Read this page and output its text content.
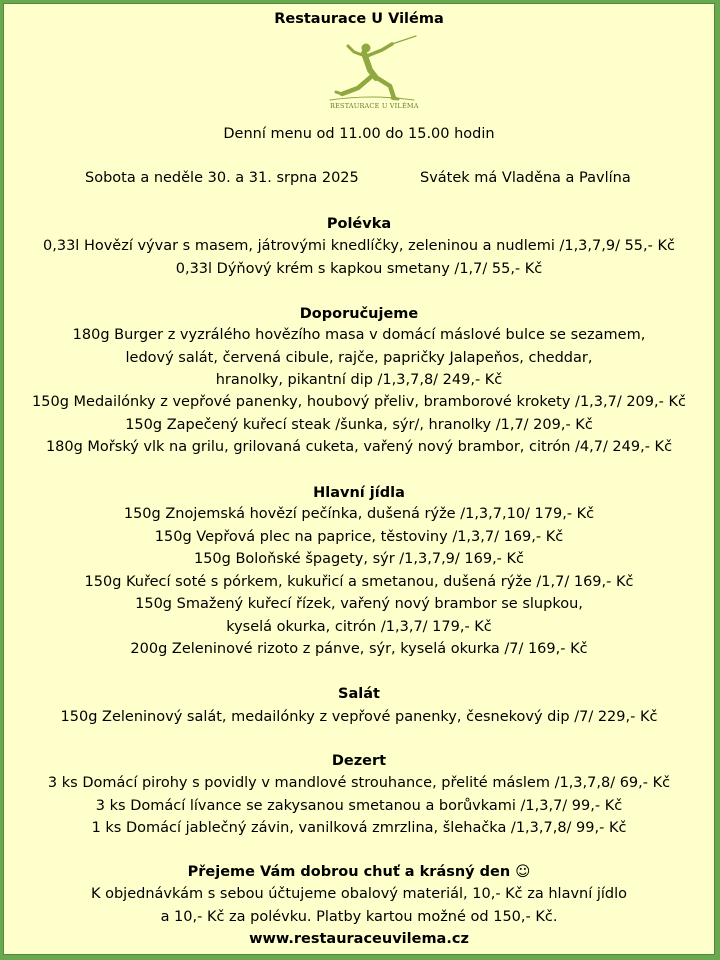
Restaurace U Viléma
RESTAURACE U VILÉMA
Denní menu od 11.00 do 15.00 hodin
Sobota a neděle 30. a 31. srpna 2025	Svátek má Vladěna a Pavlína
Polévka
0,33l Hovězí vývar s masem, játrovými knedlíčky, zeleninou a nudlemi /1,3,7,9/ 55,- Kč
0,33l Dýňový krém s kapkou smetany /1,7/ 55,- Kč
Doporučujeme
180g Burger z vyzrálého hovězího masa v domácí máslové bulce se sezamem,
ledový salát, červená cibule, rajče, papričky Jalapeňos, cheddar,
hranolky, pikantní dip /1,3,7,8/ 249,- Kč
150g Medailónky z vepřové panenky, houbový přeliv, bramborové krokety /1,3,7/ 209,- Kč
150g Zapečený kuřecí steak /šunka, sýr/, hranolky /1,7/ 209,- Kč
180g Mořský vlk na grilu, grilovaná cuketa, vařený nový brambor, citrón /4,7/ 249,- Kč
Hlavní jídla
150g Znojemská hovězí pečínka, dušená rýže /1,3,7,10/ 179,- Kč
150g Vepřová plec na paprice, těstoviny /1,3,7/ 169,- Kč
150g Boloňské špagety, sýr /1,3,7,9/ 169,- Kč
150g Kuřecí soté s pórkem, kukuřicí a smetanou, dušená rýže /1,7/ 169,- Kč
150g Smažený kuřecí řízek, vařený nový brambor se slupkou,
kyselá okurka, citrón /1,3,7/ 179,- Kč
200g Zeleninové rizoto z pánve, sýr, kyselá okurka /7/ 169,- Kč
Salát
150g Zeleninový salát, medailónky z vepřové panenky, česnekový dip /7/ 229,- Kč
Dezert
3 ks Domácí pirohy s povidly v mandlové strouhance, přelité máslem /1,3,7,8/ 69,- Kč
3 ks Domácí lívance se zakysanou smetanou a borůvkami /1,3,7/ 99,- Kč
1 ks Domácí jablečný závin, vanilková zmrzlina, šlehačka /1,3,7,8/ 99,- Kč
Přejeme Vám dobrou chuť a krásný den ☺
K objednávkám s sebou účtujeme obalový materiál, 10,- Kč za hlavní jídlo
a 10,- Kč za polévku. Platby kartou možné od 150,- Kč.
www.restauraceuvilema.cz
